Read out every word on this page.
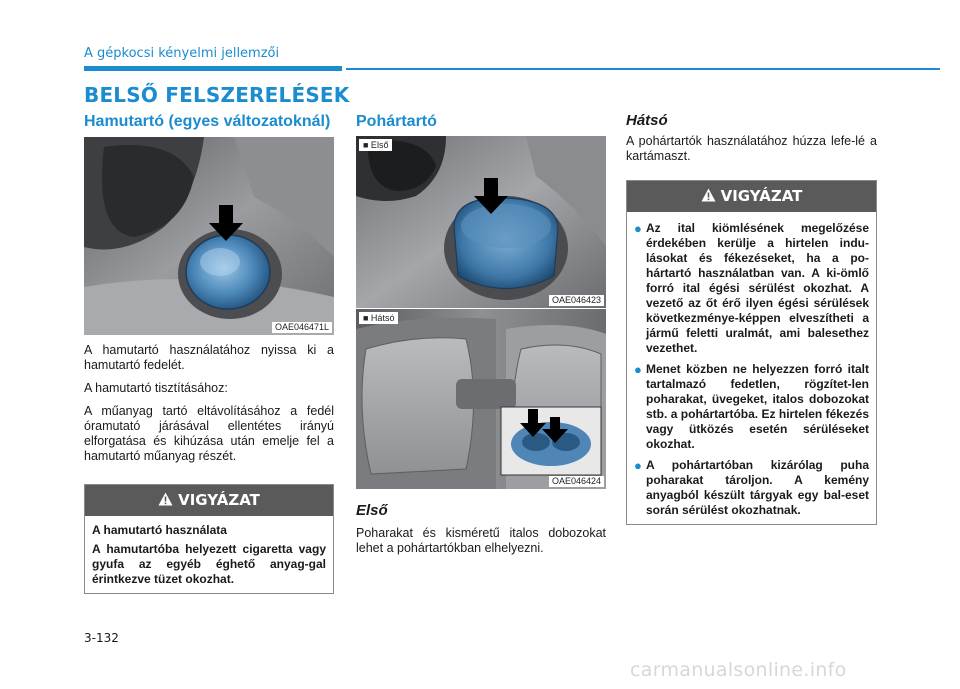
A gépkocsi kényelmi jellemzői
BELSŐ FELSZERELÉSEK
Hamutartó (egyes változatoknál)
OAE046471L

A hamutartó használatához nyissa ki a hamutartó fedelét.

A hamutartó tisztításához:

A műanyag tartó eltávolításához a fedél óramutató járásával ellentétes irányú elforgatása és kihúzása után emelje fel a hamutartó műanyag részét.

VIGYÁZAT
A hamutartó használata
A hamutartóba helyezett cigaretta vagy gyufa az egyéb éghető anyag-gal érintkezve tüzet okozhat.
Pohártartó
■ Első
OAE046423
■ Hátsó
OAE046424
Első

Poharakat és kisméretű italos dobozokat lehet a pohártartókban elhelyezni.

Hátsó

A pohártartók használatához húzza lefe-lé a kartámaszt.

VIGYÁZAT
● Az ital kiömlésének megelőzése érdekében kerülje a hirtelen indu-lásokat és fékezéseket, ha a po-hártartó használatban van. A ki-ömlő forró ital égési sérülést okozhat. A vezető az őt érő ilyen égési sérülések következménye-képpen elveszítheti a jármű feletti uralmát, ami balesethez vezethet.
● Menet közben ne helyezzen forró italt tartalmazó fedetlen, rögzítet-len poharakat, üvegeket, italos dobozokat stb. a pohártartóba. Ez hirtelen fékezés vagy ütközés esetén sérüléseket okozhat.
● A pohártartóban kizárólag puha poharakat tároljon. A kemény anyagból készült tárgyak egy bal-eset során sérülést okozhatnak.
3-132
carmanualsonline.info
